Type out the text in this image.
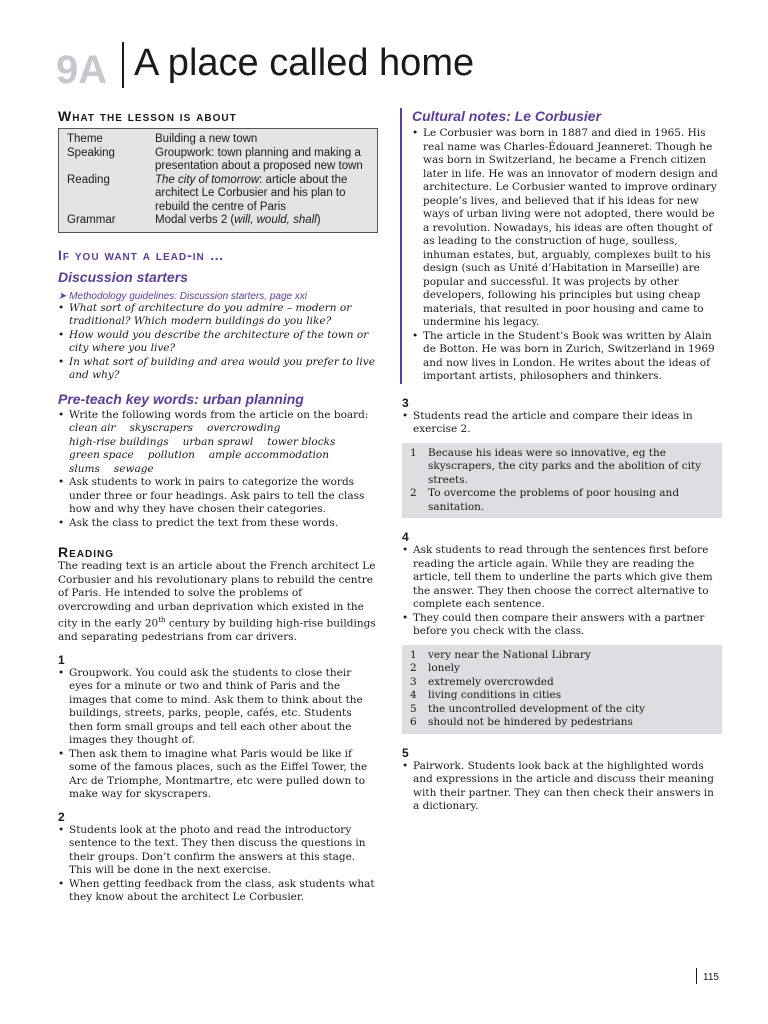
9A A place called home
What the lesson is about
Theme	Building a new town
Speaking	Groupwork: town planning and making a presentation about a proposed new town
Reading	The city of tomorrow: article about the architect Le Corbusier and his plan to rebuild the centre of Paris
Grammar	Modal verbs 2 (will, would, shall)
If you want a lead-in …
Discussion starters

➤ Methodology guidelines: Discussion starters, page xxi

• What sort of architecture do you admire – modern or traditional? Which modern buildings do you like?
• How would you describe the architecture of the town or city where you live?
• In what sort of building and area would you prefer to live and why?
Pre-teach key words: urban planning
• Write the following words from the article on the board:
clean air skyscrapers overcrowding
high-rise buildings urban sprawl tower blocks
green space pollution ample accommodation
slums sewage
• Ask students to work in pairs to categorize the words under three or four headings. Ask pairs to tell the class how and why they have chosen their categories.
• Ask the class to predict the text from these words.
Reading

The reading text is an article about the French architect Le Corbusier and his revolutionary plans to rebuild the centre of Paris. He intended to solve the problems of overcrowding and urban deprivation which existed in the city in the early 20th century by building high-rise buildings and separating pedestrians from car drivers.

1

• Groupwork. You could ask the students to close their eyes for a minute or two and think of Paris and the images that come to mind. Ask them to think about the buildings, streets, parks, people, cafés, etc. Students then form small groups and tell each other about the images they thought of.
• Then ask them to imagine what Paris would be like if some of the famous places, such as the Eiffel Tower, the Arc de Triomphe, Montmartre, etc were pulled down to make way for skyscrapers.

2

• Students look at the photo and read the introductory sentence to the text. They then discuss the questions in their groups. Don’t confirm the answers at this stage. This will be done in the next exercise.
• When getting feedback from the class, ask students what they know about the architect Le Corbusier.
Cultural notes: Le Corbusier
• Le Corbusier was born in 1887 and died in 1965. His real name was Charles-Édouard Jeanneret. Though he was born in Switzerland, he became a French citizen later in life. He was an innovator of modern design and architecture. Le Corbusier wanted to improve ordinary people’s lives, and believed that if his ideas for new ways of urban living were not adopted, there would be a revolution. Nowadays, his ideas are often thought of as leading to the construction of huge, soulless, inhuman estates, but, arguably, complexes built to his design (such as Unité d’Habitation in Marseille) are popular and successful. It was projects by other developers, following his principles but using cheap materials, that resulted in poor housing and came to undermine his legacy.
• The article in the Student’s Book was written by Alain de Botton. He was born in Zurich, Switzerland in 1969 and now lives in London. He writes about the ideas of important artists, philosophers and thinkers.

3

• Students read the article and compare their ideas in exercise 2.
1	Because his ideas were so innovative, eg the skyscrapers, the city parks and the abolition of city streets.
2	To overcome the problems of poor housing and sanitation.

4

• Ask students to read through the sentences first before reading the article again. While they are reading the article, tell them to underline the parts which give them the answer. They then choose the correct alternative to complete each sentence.
• They could then compare their answers with a partner before you check with the class.
1	very near the National Library
2	lonely
3	extremely overcrowded
4	living conditions in cities
5	the uncontrolled development of the city
6	should not be hindered by pedestrians

5

• Pairwork. Students look back at the highlighted words and expressions in the article and discuss their meaning with their partner. They can then check their answers in a dictionary.
115
